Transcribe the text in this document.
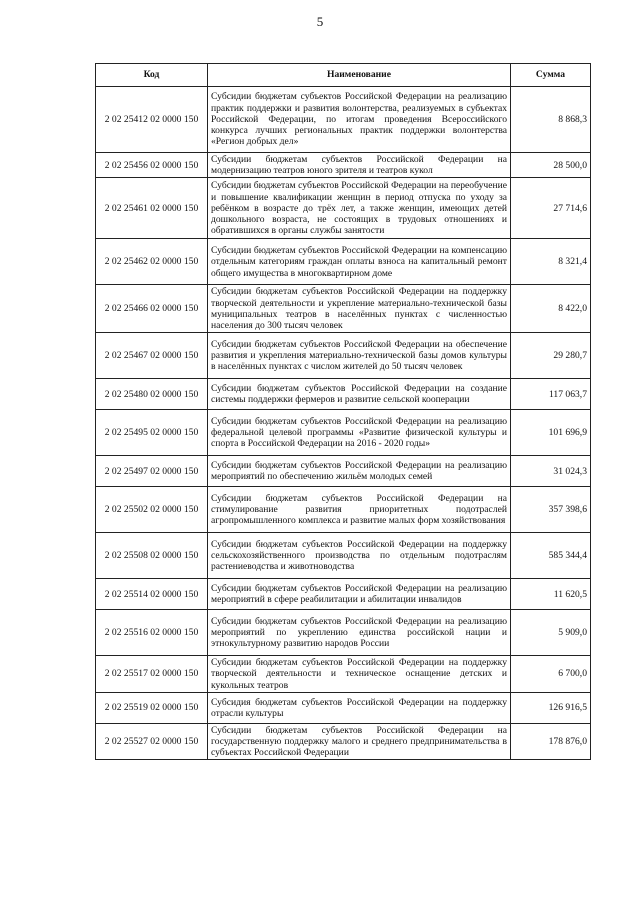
5
Код	Наименование	Сумма
2 02 25412 02 0000 150	Субсидии бюджетам субъектов Российской Федерации на реализацию практик поддержки и развития волонтерства, реализуемых в субъектах Российской Федерации, по итогам проведения Всероссийского конкурса лучших региональных практик поддержки волонтерства «Регион добрых дел»	8 868,3
2 02 25456 02 0000 150	Субсидии бюджетам субъектов Российской Федерации на модернизацию театров юного зрителя и театров кукол	28 500,0
2 02 25461 02 0000 150	Субсидии бюджетам субъектов Российской Федерации на переобучение и повышение квалификации женщин в период отпуска по уходу за ребёнком в возрасте до трёх лет, а также женщин, имеющих детей дошкольного возраста, не состоящих в трудовых отношениях и обратившихся в органы службы занятости	27 714,6
2 02 25462 02 0000 150	Субсидии бюджетам субъектов Российской Федерации на компенсацию отдельным категориям граждан оплаты взноса на капитальный ремонт общего имущества в многоквартирном доме	8 321,4
2 02 25466 02 0000 150	Субсидии бюджетам субъектов Российской Федерации на поддержку творческой деятельности и укрепление материально-технической базы муниципальных театров в населённых пунктах с численностью населения до 300 тысяч человек	8 422,0
2 02 25467 02 0000 150	Субсидии бюджетам субъектов Российской Федерации на обеспечение развития и укрепления материально-технической базы домов культуры в населённых пунктах с числом жителей до 50 тысяч человек	29 280,7
2 02 25480 02 0000 150	Субсидии бюджетам субъектов Российской Федерации на создание системы поддержки фермеров и развитие сельской кооперации	117 063,7
2 02 25495 02 0000 150	Субсидии бюджетам субъектов Российской Федерации на реализацию федеральной целевой программы «Развитие физической культуры и спорта в Российской Федерации на 2016 - 2020 годы»	101 696,9
2 02 25497 02 0000 150	Субсидии бюджетам субъектов Российской Федерации на реализацию мероприятий по обеспечению жильём молодых семей	31 024,3
2 02 25502 02 0000 150	Субсидии бюджетам субъектов Российской Федерации на стимулирование развития приоритетных подотраслей агропромышленного комплекса и развитие малых форм хозяйствования	357 398,6
2 02 25508 02 0000 150	Субсидии бюджетам субъектов Российской Федерации на поддержку сельскохозяйственного производства по отдельным подотраслям растениеводства и животноводства	585 344,4
2 02 25514 02 0000 150	Субсидии бюджетам субъектов Российской Федерации на реализацию мероприятий в сфере реабилитации и абилитации инвалидов	11 620,5
2 02 25516 02 0000 150	Субсидии бюджетам субъектов Российской Федерации на реализацию мероприятий по укреплению единства российской нации и этнокультурному развитию народов России	5 909,0
2 02 25517 02 0000 150	Субсидии бюджетам субъектов Российской Федерации на поддержку творческой деятельности и техническое оснащение детских и кукольных театров	6 700,0
2 02 25519 02 0000 150	Субсидия бюджетам субъектов Российской Федерации на поддержку отрасли культуры	126 916,5
2 02 25527 02 0000 150	Субсидии бюджетам субъектов Российской Федерации на государственную поддержку малого и среднего предпринимательства в субъектах Российской Федерации	178 876,0
